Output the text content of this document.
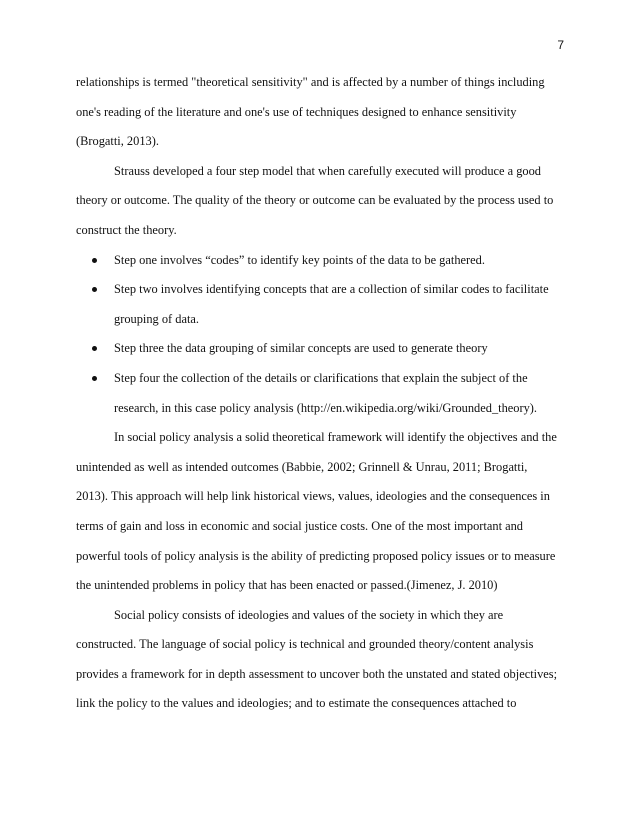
7
relationships is termed "theoretical sensitivity" and is affected by a number of things including
one's reading of the literature and one's use of techniques designed to enhance sensitivity
(Brogatti, 2013).
Strauss developed a four step model that when carefully executed will produce a good
theory or outcome. The quality of the theory or outcome can be evaluated by the process used to
construct the theory.
Step one involves “codes” to identify key points of the data to be gathered.
Step two involves identifying concepts that are a collection of similar codes to facilitate
grouping of data.
Step three the data grouping of similar concepts are used to generate theory
Step four the collection of the details or clarifications that explain the subject of the
research, in this case policy analysis (http://en.wikipedia.org/wiki/Grounded_theory).
In social policy analysis a solid theoretical framework will identify the objectives and the
unintended as well as intended outcomes (Babbie, 2002; Grinnell & Unrau, 2011; Brogatti,
2013). This approach will help link historical views, values, ideologies and the consequences in
terms of gain and loss in economic and social justice costs. One of the most important and
powerful tools of policy analysis is the ability of predicting proposed policy issues or to measure
the unintended problems in policy that has been enacted or passed.(Jimenez, J. 2010)
Social policy consists of ideologies and values of the society in which they are
constructed. The language of social policy is technical and grounded theory/content analysis
provides a framework for in depth assessment to uncover both the unstated and stated objectives;
link the policy to the values and ideologies; and to estimate the consequences attached to
